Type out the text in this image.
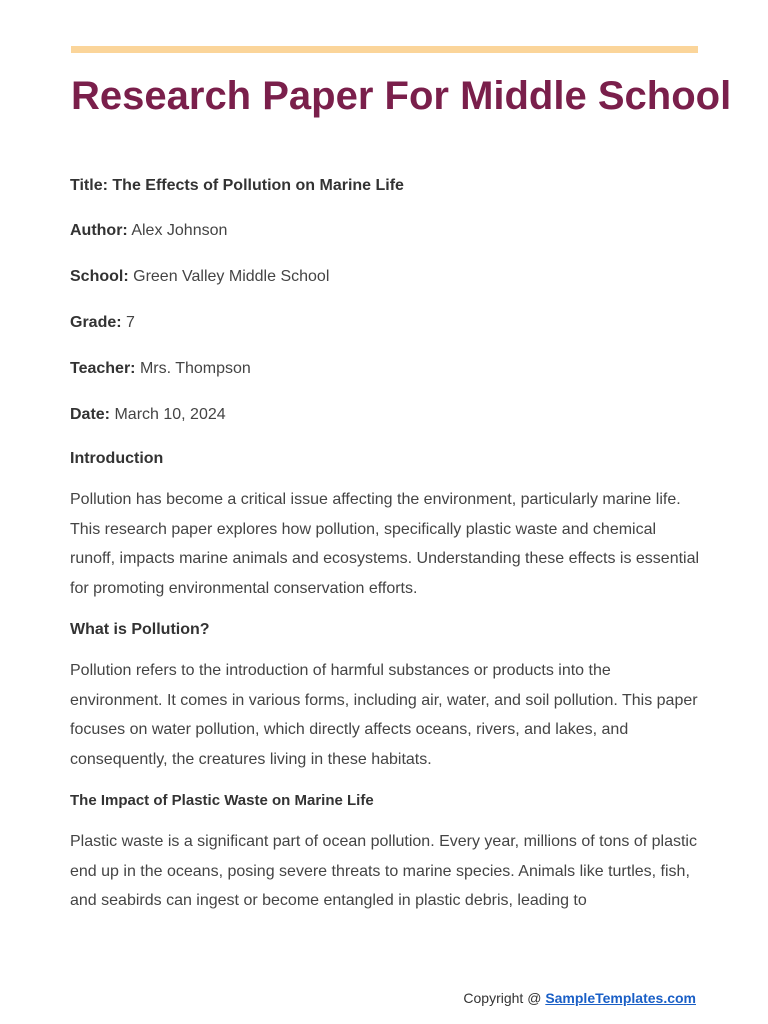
Research Paper For Middle School

Title: The Effects of Pollution on Marine Life

Author: Alex Johnson

School: Green Valley Middle School

Grade: 7

Teacher: Mrs. Thompson

Date: March 10, 2024

Introduction

Pollution has become a critical issue affecting the environment, particularly marine life. This research paper explores how pollution, specifically plastic waste and chemical runoff, impacts marine animals and ecosystems. Understanding these effects is essential for promoting environmental conservation efforts.

What is Pollution?

Pollution refers to the introduction of harmful substances or products into the environment. It comes in various forms, including air, water, and soil pollution. This paper focuses on water pollution, which directly affects oceans, rivers, and lakes, and consequently, the creatures living in these habitats.

The Impact of Plastic Waste on Marine Life

Plastic waste is a significant part of ocean pollution. Every year, millions of tons of plastic end up in the oceans, posing severe threats to marine species. Animals like turtles, fish, and seabirds can ingest or become entangled in plastic debris, leading to

Copyright @ SampleTemplates.com
